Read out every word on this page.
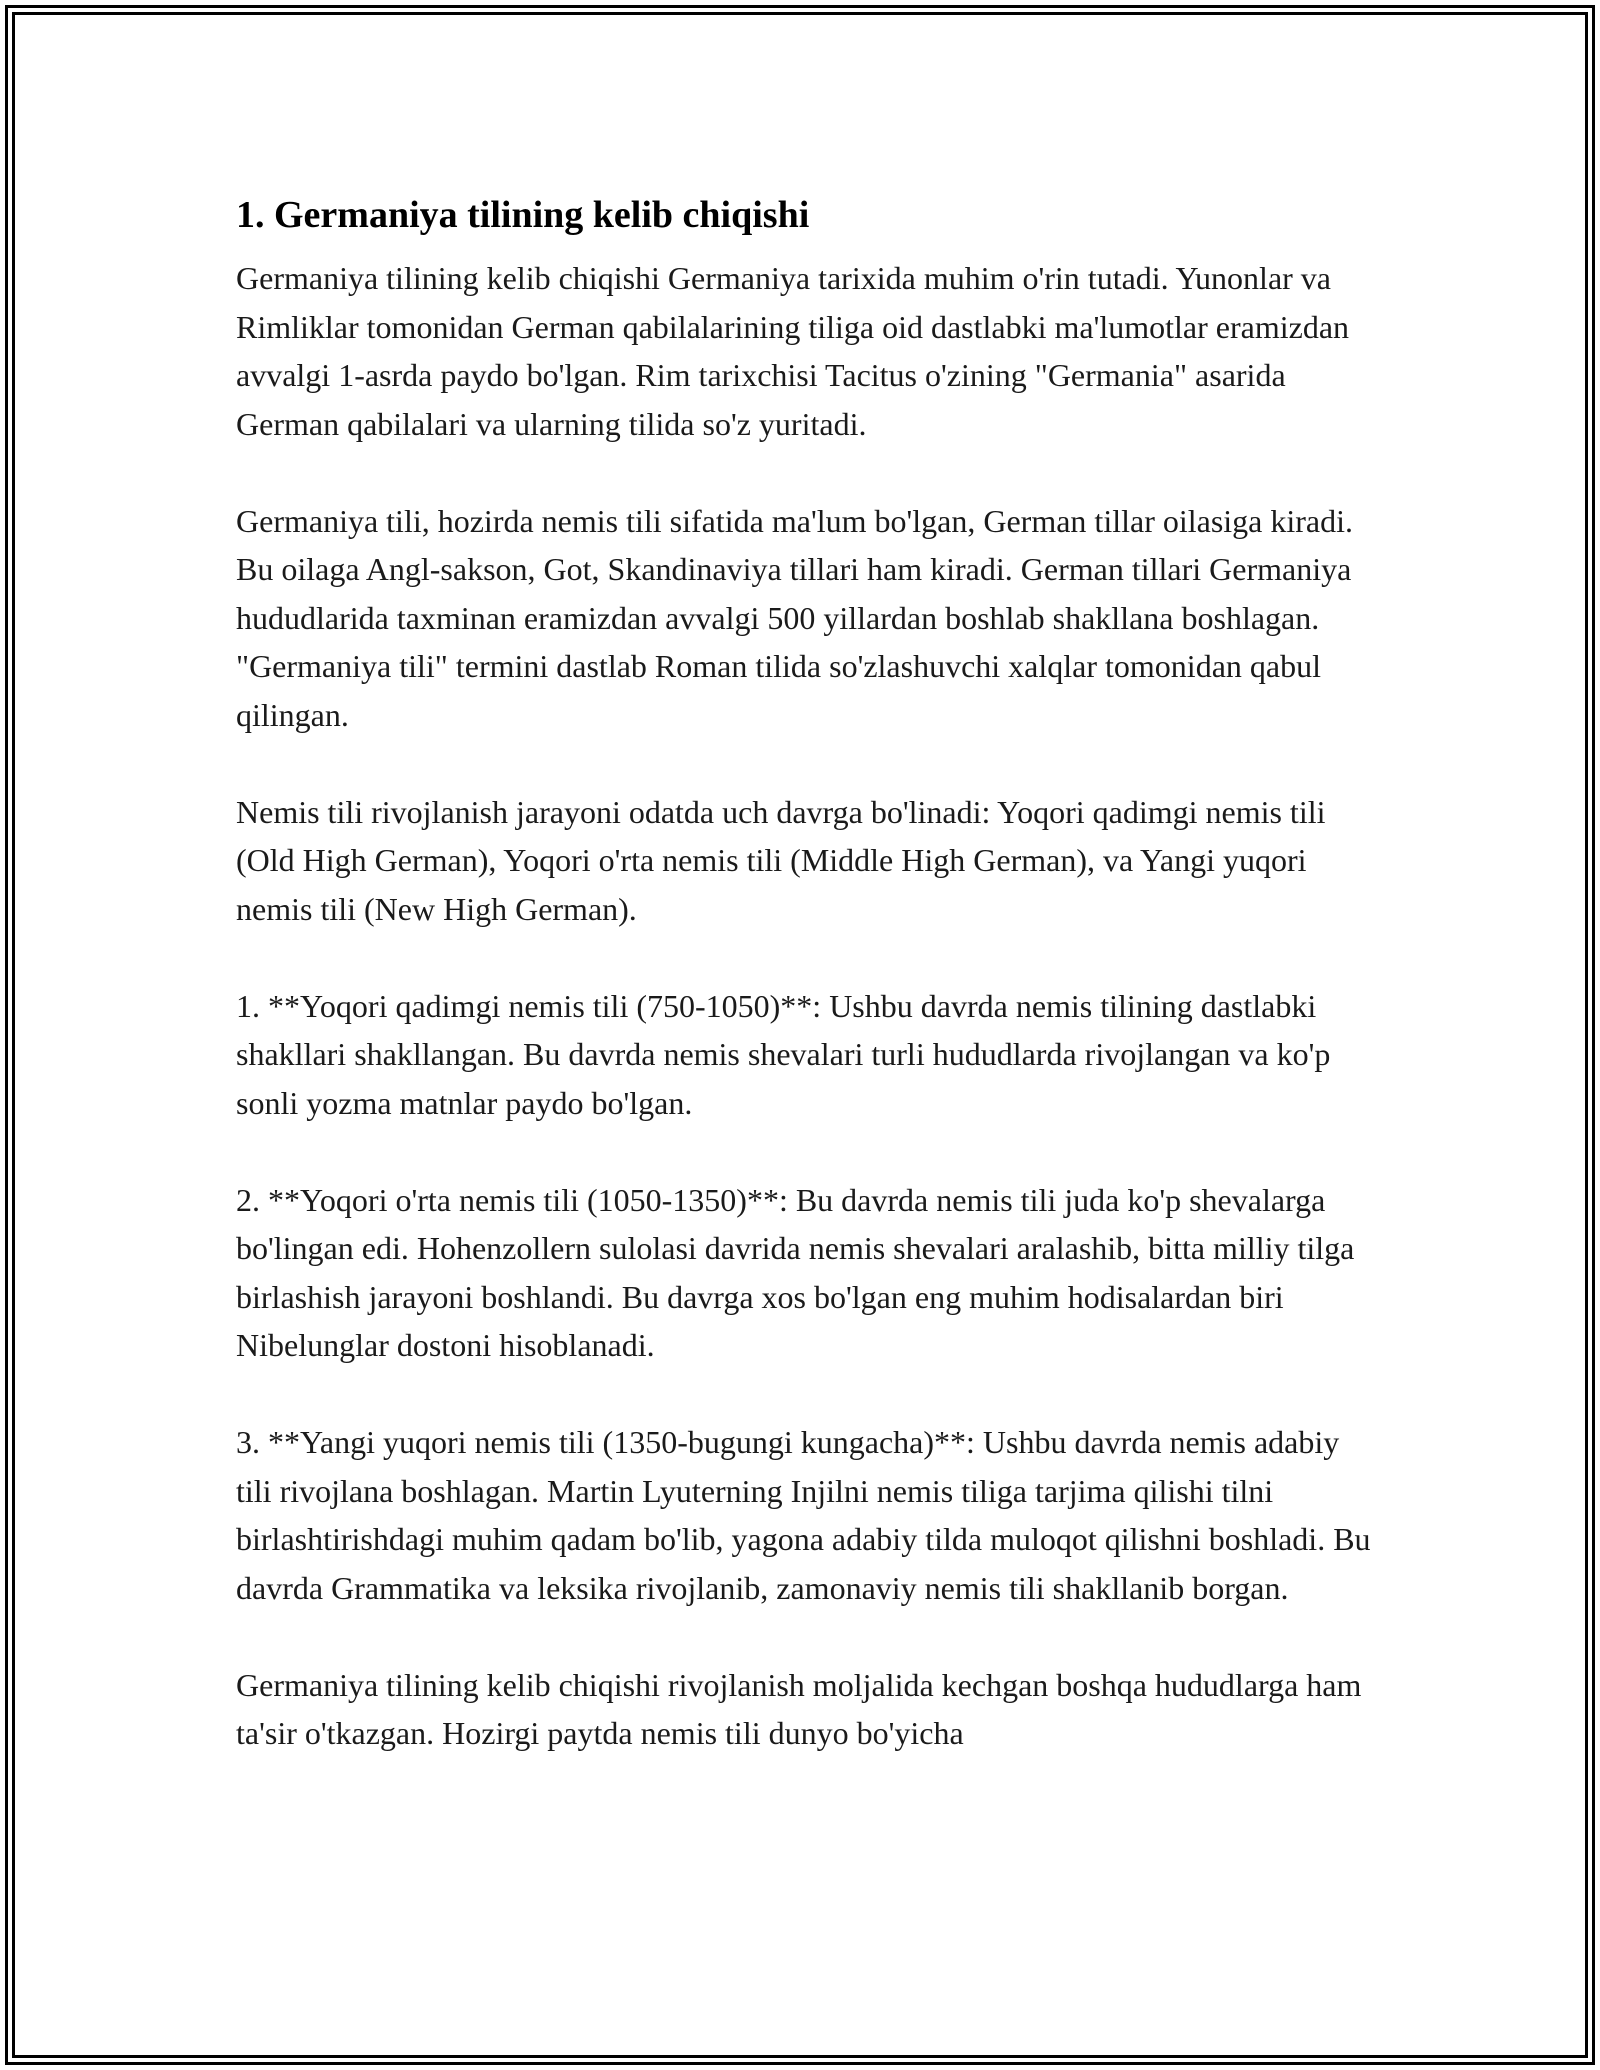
1. Germaniya tilining kelib chiqishi

Germaniya tilining kelib chiqishi Germaniya tarixida muhim o'rin tutadi. Yunonlar va Rimliklar tomonidan German qabilalarining tiliga oid dastlabki ma'lumotlar eramizdan avvalgi 1-asrda paydo bo'lgan. Rim tarixchisi Tacitus o'zining "Germania" asarida German qabilalari va ularning tilida so'z yuritadi.

Germaniya tili, hozirda nemis tili sifatida ma'lum bo'lgan, German tillar oilasiga kiradi. Bu oilaga Angl-sakson, Got, Skandinaviya tillari ham kiradi. German tillari Germaniya hududlarida taxminan eramizdan avvalgi 500 yillardan boshlab shakllana boshlagan. "Germaniya tili" termini dastlab Roman tilida so'zlashuvchi xalqlar tomonidan qabul qilingan.

Nemis tili rivojlanish jarayoni odatda uch davrga bo'linadi: Yoqori qadimgi nemis tili (Old High German), Yoqori o'rta nemis tili (Middle High German), va Yangi yuqori nemis tili (New High German).

1. **Yoqori qadimgi nemis tili (750-1050)**: Ushbu davrda nemis tilining dastlabki shakllari shakllangan. Bu davrda nemis shevalari turli hududlarda rivojlangan va ko'p sonli yozma matnlar paydo bo'lgan.

2. **Yoqori o'rta nemis tili (1050-1350)**: Bu davrda nemis tili juda ko'p shevalarga bo'lingan edi. Hohenzollern sulolasi davrida nemis shevalari aralashib, bitta milliy tilga birlashish jarayoni boshlandi. Bu davrga xos bo'lgan eng muhim hodisalardan biri Nibelunglar dostoni hisoblanadi.

3. **Yangi yuqori nemis tili (1350-bugungi kungacha)**: Ushbu davrda nemis adabiy tili rivojlana boshlagan. Martin Lyuterning Injilni nemis tiliga tarjima qilishi tilni birlashtirishdagi muhim qadam bo'lib, yagona adabiy tilda muloqot qilishni boshladi. Bu davrda Grammatika va leksika rivojlanib, zamonaviy nemis tili shakllanib borgan.

Germaniya tilining kelib chiqishi rivojlanish moljalida kechgan boshqa hududlarga ham ta'sir o'tkazgan. Hozirgi paytda nemis tili dunyo bo'yicha
